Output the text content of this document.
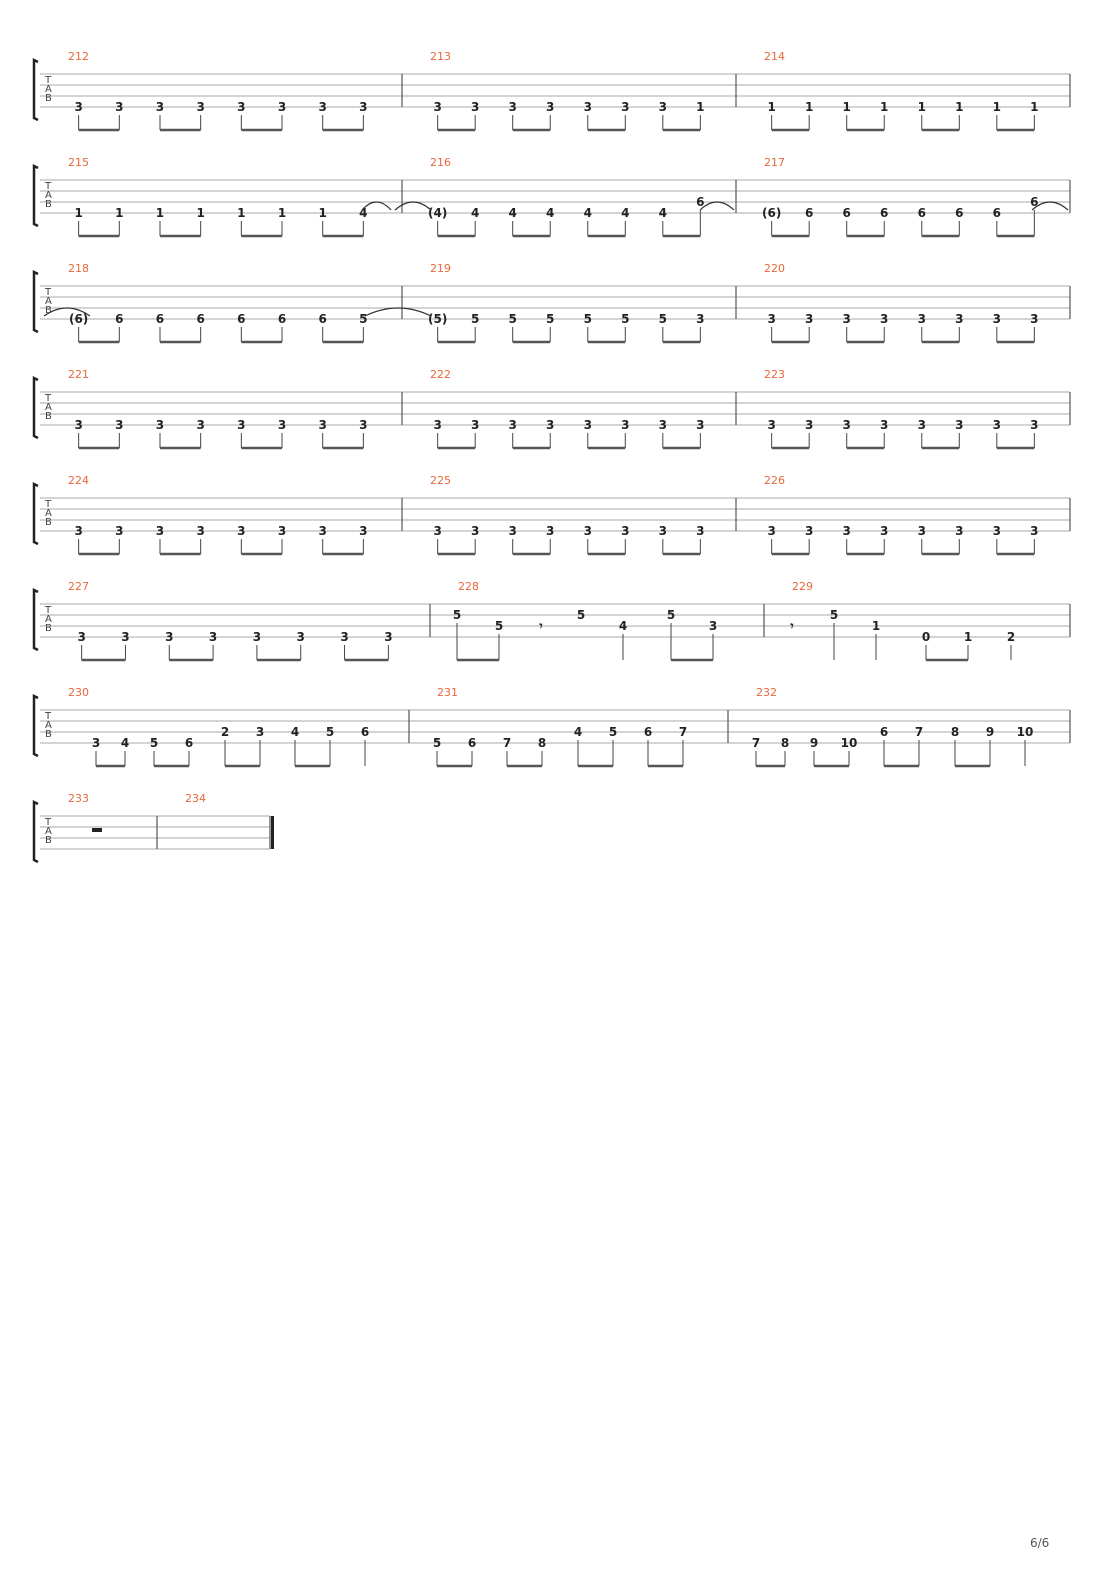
T
A
B
212
3	3	3	3	3	3	3	3
213
3 3 3 3 3 3 3 1
214
1 1 1 1 1 1 1 1
T
A
B
215
1	1	1	1	1	1	1	4
216
(4) 4 4 4 4 4 4
6
217
(6) 6 6 6 6 6 6
6
T
A
B
218
(6) 6	6	6	6	6	6	5
219
(5) 5 5 5 5 5 5 3
220
3 3 3 3 3 3 3 3
T
A
B
221
3	3	3	3	3	3	3	3
222
3 3 3 3 3 3 3 3
223
3 3 3 3 3 3 3 3
T
A
B
224
3	3	3	3	3	3	3	3
225
3 3 3 3 3 3 3 3
226
3 3 3 3 3 3 3 3
T
A
B
227
3	3	3	3	3	3	3	3
228
5
5	4
5
3
𝄾
5
229
5
1
0	1	2
𝄾
T
A
B
230
3 4 5 6
2 3 4 5 6
231
5 6 7 8
4 5 6 7
232
7 8 9 10
6 7 8 9 10
T
A
B
233	234
6/6
